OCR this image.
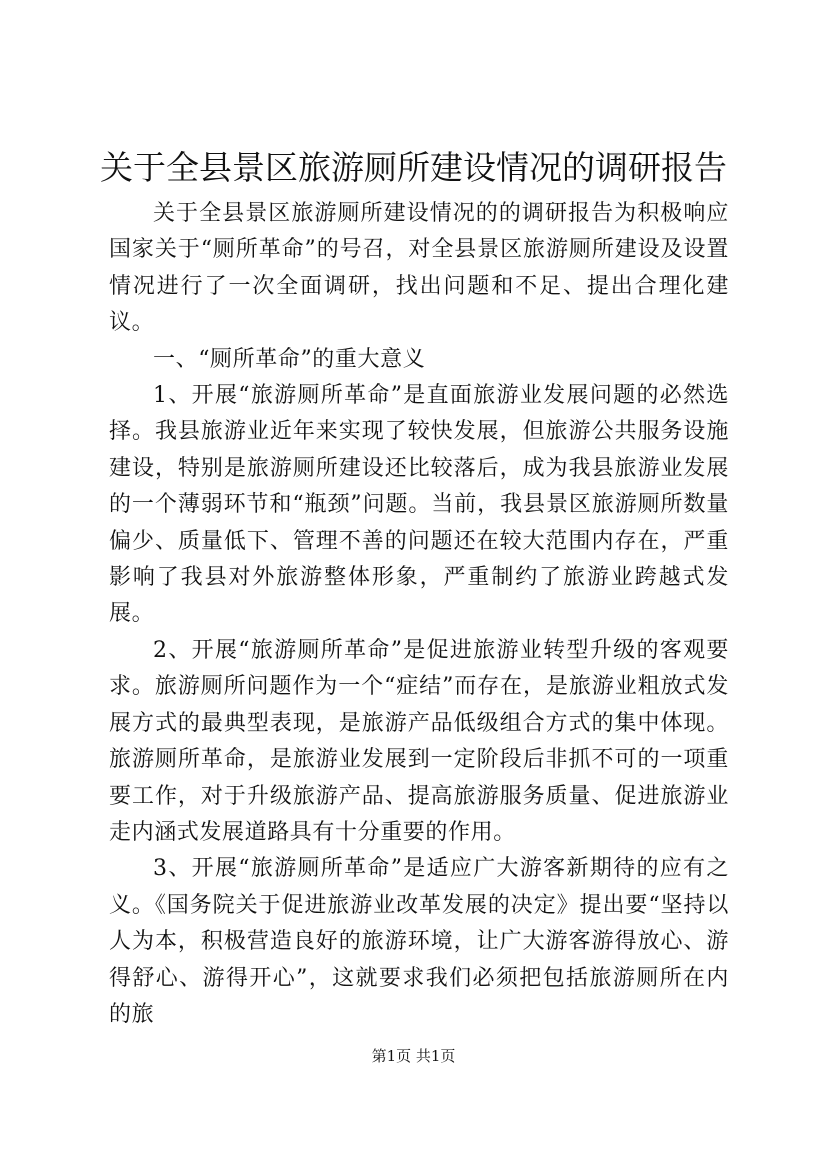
关于全县景区旅游厕所建设情况的调研报告

关于全县景区旅游厕所建设情况的的调研报告为积极响应国家关于“厕所革命”的号召，对全县景区旅游厕所建设及设置情况进行了一次全面调研，找出问题和不足、提出合理化建议。

一、“厕所革命”的重大意义

1、开展“旅游厕所革命”是直面旅游业发展问题的必然选择。我县旅游业近年来实现了较快发展，但旅游公共服务设施建设，特别是旅游厕所建设还比较落后，成为我县旅游业发展的一个薄弱环节和“瓶颈”问题。当前，我县景区旅游厕所数量偏少、质量低下、管理不善的问题还在较大范围内存在，严重影响了我县对外旅游整体形象，严重制约了旅游业跨越式发展。

2、开展“旅游厕所革命”是促进旅游业转型升级的客观要求。旅游厕所问题作为一个“症结”而存在，是旅游业粗放式发展方式的最典型表现，是旅游产品低级组合方式的集中体现。旅游厕所革命，是旅游业发展到一定阶段后非抓不可的一项重要工作，对于升级旅游产品、提高旅游服务质量、促进旅游业走内涵式发展道路具有十分重要的作用。

3、开展“旅游厕所革命”是适应广大游客新期待的应有之义。《国务院关于促进旅游业改革发展的决定》提出要“坚持以人为本，积极营造良好的旅游环境，让广大游客游得放心、游得舒心、游得开心”，这就要求我们必须把包括旅游厕所在内的旅

第1页 共1页
